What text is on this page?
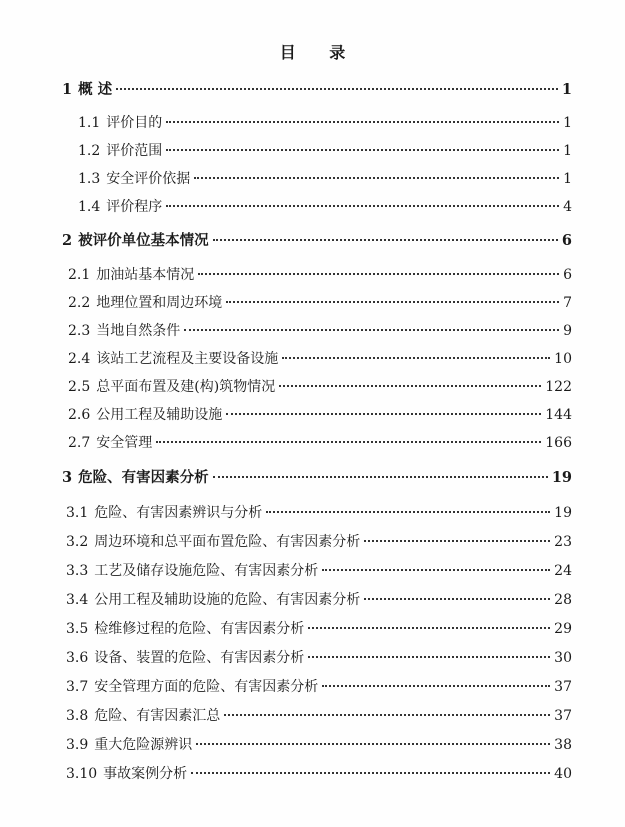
目 录
1 概 述	1
1.1 评价目的	1
1.2 评价范围	1
1.3 安全评价依据	1
1.4 评价程序	4
2 被评价单位基本情况	6
2.1 加油站基本情况	6
2.2 地理位置和周边环境	7
2.3 当地自然条件	9
2.4 该站工艺流程及主要设备设施	10
2.5 总平面布置及建(构)筑物情况	122
2.6 公用工程及辅助设施	144
2.7 安全管理	166
3 危险、有害因素分析	19
3.1 危险、有害因素辨识与分析	19
3.2 周边环境和总平面布置危险、有害因素分析	23
3.3 工艺及储存设施危险、有害因素分析	24
3.4 公用工程及辅助设施的危险、有害因素分析	28
3.5 检维修过程的危险、有害因素分析	29
3.6 设备、装置的危险、有害因素分析	30
3.7 安全管理方面的危险、有害因素分析	37
3.8 危险、有害因素汇总	37
3.9 重大危险源辨识	38
3.10 事故案例分析	40
